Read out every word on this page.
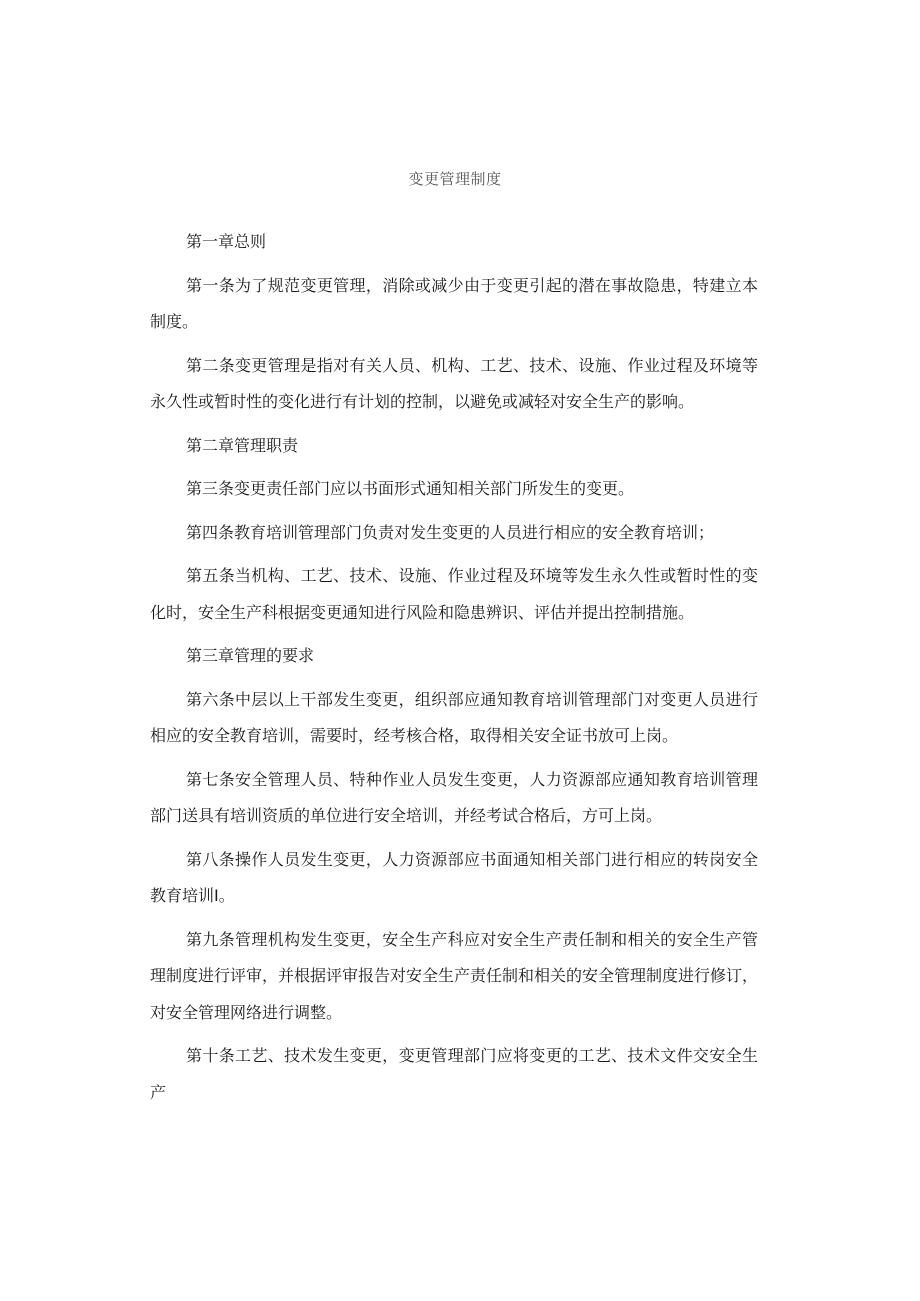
变更管理制度

第一章总则

第一条为了规范变更管理，消除或减少由于变更引起的潜在事故隐患，特建立本制度。

第二条变更管理是指对有关人员、机构、工艺、技术、设施、作业过程及环境等永久性或暂时性的变化进行有计划的控制，以避免或减轻对安全生产的影响。

第二章管理职责

第三条变更责任部门应以书面形式通知相关部门所发生的变更。

第四条教育培训管理部门负责对发生变更的人员进行相应的安全教育培训；

第五条当机构、工艺、技术、设施、作业过程及环境等发生永久性或暂时性的变化时，安全生产科根据变更通知进行风险和隐患辨识、评估并提出控制措施。

第三章管理的要求

第六条中层以上干部发生变更，组织部应通知教育培训管理部门对变更人员进行相应的安全教育培训，需要时，经考核合格，取得相关安全证书放可上岗。

第七条安全管理人员、特种作业人员发生变更，人力资源部应通知教育培训管理部门送具有培训资质的单位进行安全培训，并经考试合格后，方可上岗。

第八条操作人员发生变更，人力资源部应书面通知相关部门进行相应的转岗安全教育培训I。

第九条管理机构发生变更，安全生产科应对安全生产责任制和相关的安全生产管理制度进行评审，并根据评审报告对安全生产责任制和相关的安全管理制度进行修订，对安全管理网络进行调整。

第十条工艺、技术发生变更，变更管理部门应将变更的工艺、技术文件交安全生产
